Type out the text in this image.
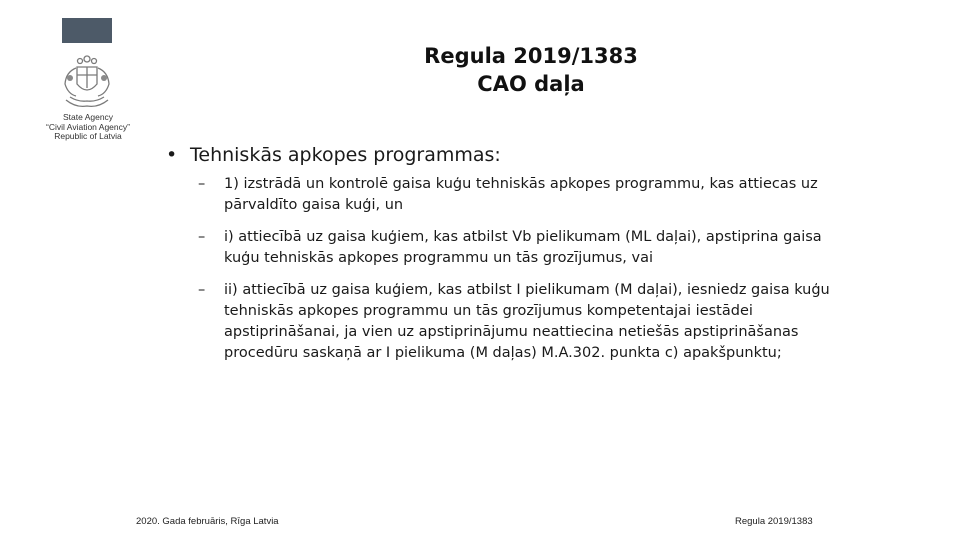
State Agency
“Civil Aviation Agency”
Republic of Latvia
Regula 2019/1383
CAO daļa
• Tehniskās apkopes programmas:
– 1) izstrādā un kontrolē gaisa kuģu tehniskās apkopes programmu, kas attiecas uz
pārvaldīto gaisa kuģi, un
– i) attiecībā uz gaisa kuģiem, kas atbilst Vb pielikumam (ML daļai), apstiprina gaisa
kuģu tehniskās apkopes programmu un tās grozījumus, vai
– ii) attiecībā uz gaisa kuģiem, kas atbilst I pielikumam (M daļai), iesniedz gaisa kuģu
tehniskās apkopes programmu un tās grozījumus kompetentajai iestādei
apstiprināšanai, ja vien uz apstiprinājumu neattiecina netiešās apstiprināšanas
procedūru saskaņā ar I pielikuma (M daļas) M.A.302. punkta c) apakšpunktu;
2020. Gada februāris, Rīga Latvia	Regula 2019/1383
